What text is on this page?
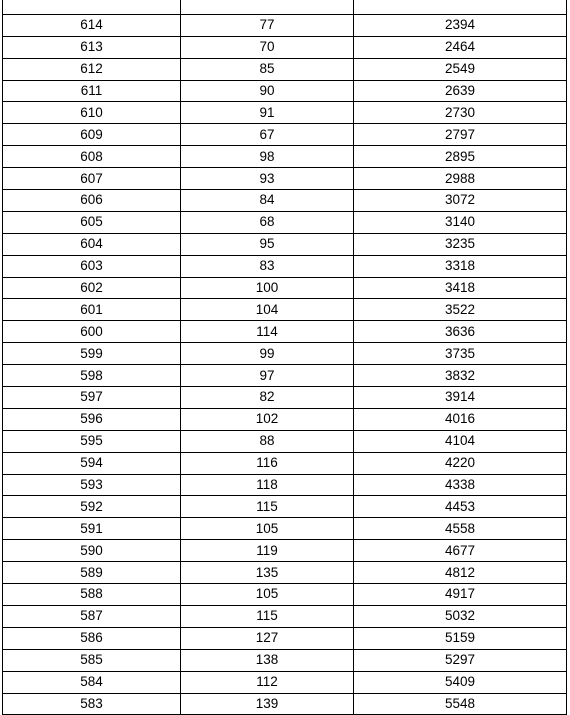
614	77	2394
613	70	2464
612	85	2549
611	90	2639
610	91	2730
609	67	2797
608	98	2895
607	93	2988
606	84	3072
605	68	3140
604	95	3235
603	83	3318
602	100	3418
601	104	3522
600	114	3636
599	99	3735
598	97	3832
597	82	3914
596	102	4016
595	88	4104
594	116	4220
593	118	4338
592	115	4453
591	105	4558
590	119	4677
589	135	4812
588	105	4917
587	115	5032
586	127	5159
585	138	5297
584	112	5409
583	139	5548
